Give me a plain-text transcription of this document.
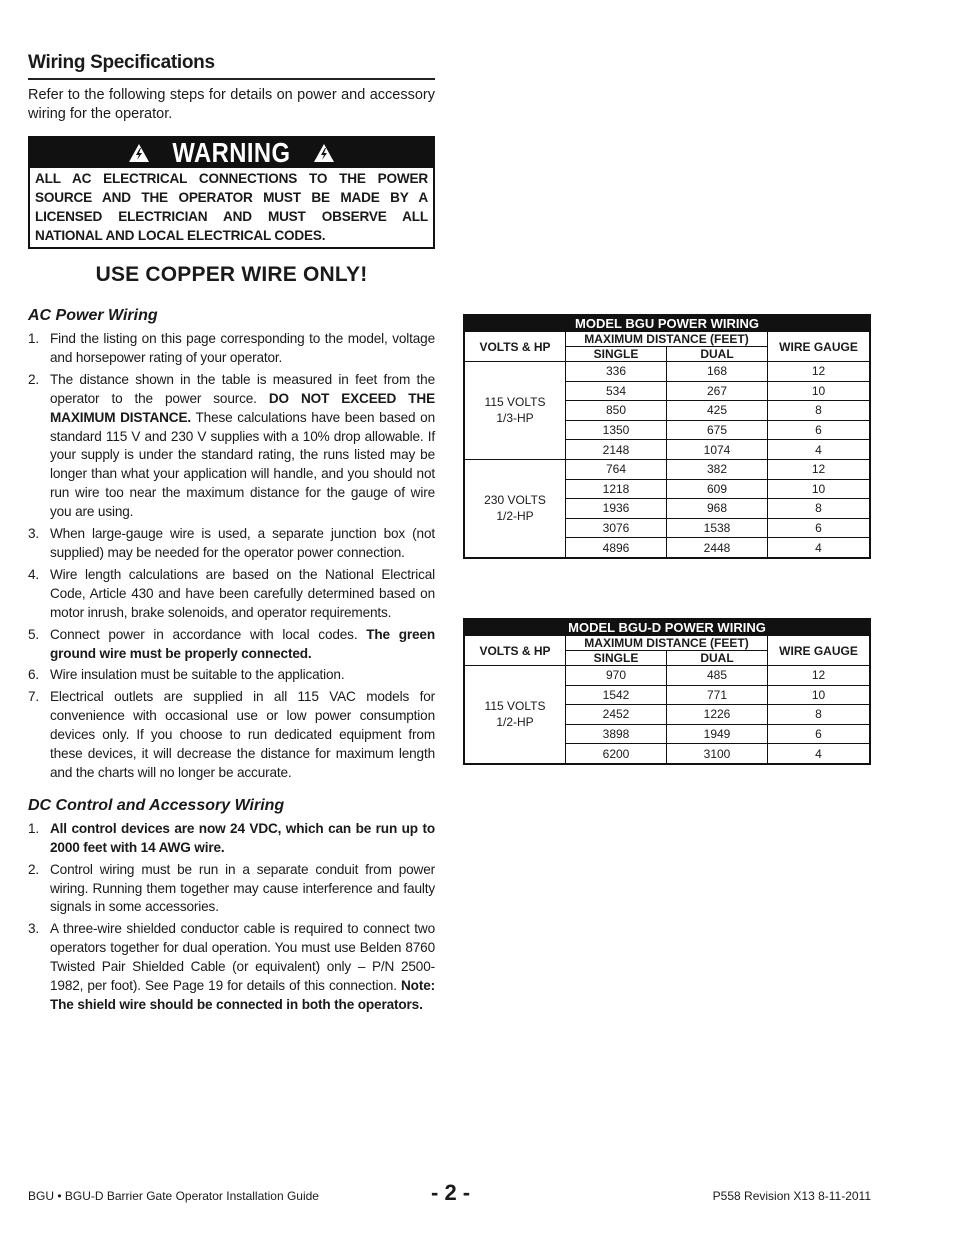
Wiring Specifications

Refer to the following steps for details on power and accessory wiring for the operator.

WARNING
ALL AC ELECTRICAL CONNECTIONS TO THE POWER SOURCE AND THE OPERATOR MUST BE MADE BY A LICENSED ELECTRICIAN AND MUST OBSERVE ALL NATIONAL AND LOCAL ELECTRICAL CODES.

USE COPPER WIRE ONLY!

AC Power Wiring

1. Find the listing on this page corresponding to the model, voltage and horsepower rating of your operator.
2. The distance shown in the table is measured in feet from the operator to the power source. DO NOT EXCEED THE MAXIMUM DISTANCE. These calculations have been based on standard 115 V and 230 V supplies with a 10% drop allowable. If your supply is under the standard rating, the runs listed may be longer than what your application will handle, and you should not run wire too near the maximum distance for the gauge of wire you are using.
3. When large-gauge wire is used, a separate junction box (not supplied) may be needed for the operator power connection.
4. Wire length calculations are based on the National Electrical Code, Article 430 and have been carefully determined based on motor inrush, brake solenoids, and operator requirements.
5. Connect power in accordance with local codes. The green ground wire must be properly connected.
6. Wire insulation must be suitable to the application.
7. Electrical outlets are supplied in all 115 VAC models for convenience with occasional use or low power consumption devices only. If you choose to run dedicated equipment from these devices, it will decrease the distance for maximum length and the charts will no longer be accurate.

DC Control and Accessory Wiring

1. All control devices are now 24 VDC, which can be run up to 2000 feet with 14 AWG wire.
2. Control wiring must be run in a separate conduit from power wiring. Running them together may cause interference and faulty signals in some accessories.
3. A three-wire shielded conductor cable is required to connect two operators together for dual operation. You must use Belden 8760 Twisted Pair Shielded Cable (or equivalent) only – P/N 2500-1982, per foot). See Page 19 for details of this connection. Note: The shield wire should be connected in both the operators.
MODEL BGU POWER WIRING			
VOLTS & HP	MAXIMUM DISTANCE (FEET)		WIRE GAUGE
	SINGLE	DUAL	

115 VOLTS
1/3-HP	336	168	12
	534	267	10
	850	425	8
	1350	675	6
	2148	1074	4

230 VOLTS
1/2-HP	764	382	12
	1218	609	10
	1936	968	8
	3076	1538	6
	4896	2448	4
MODEL BGU-D POWER WIRING			
VOLTS & HP	MAXIMUM DISTANCE (FEET)		WIRE GAUGE
	SINGLE	DUAL	

115 VOLTS
1/2-HP	970	485	12
	1542	771	10
	2452	1226	8
	3898	1949	6
	6200	3100	4
BGU • BGU-D Barrier Gate Operator Installation Guide	- 2 -	P558 Revision X13 8-11-2011
